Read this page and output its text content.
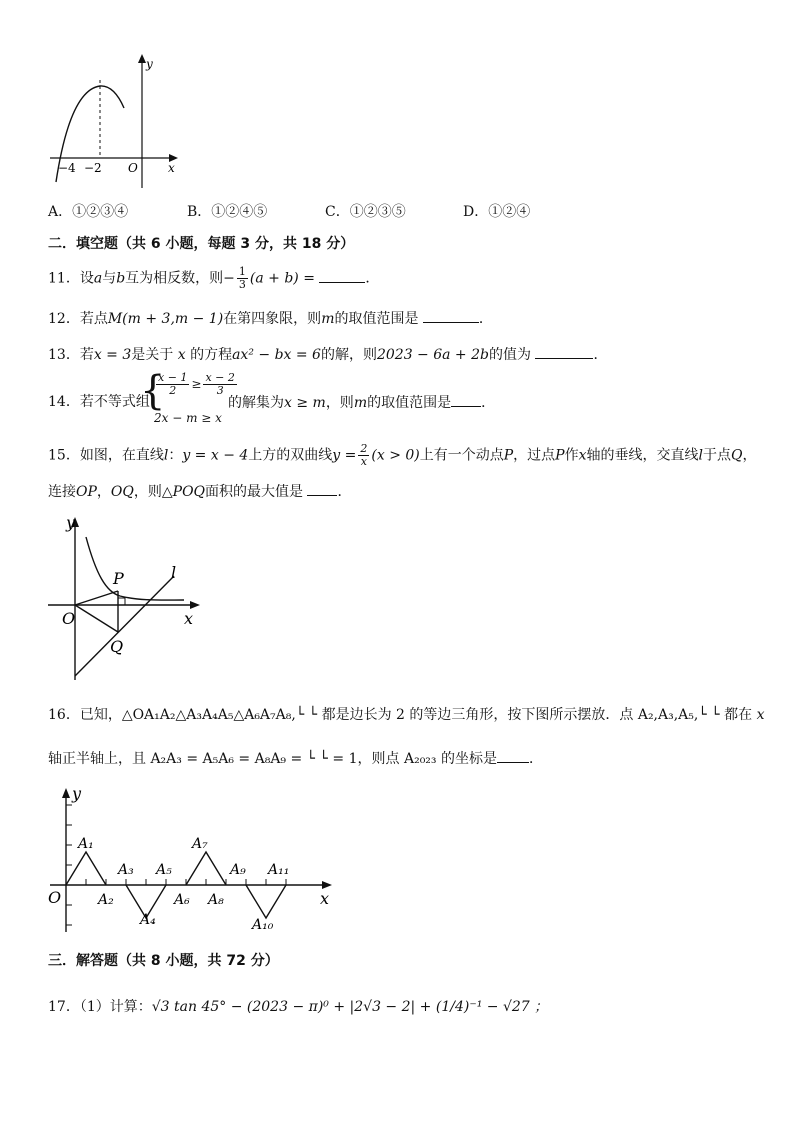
y
x
O
−4 −2
A．①②③④	B．①②④⑤	C．①②③⑤	D．①②④
二．填空题（共 6 小题，每题 3 分，共 18 分）
11．设a与b互为相反数，则− $\frac{1}{3} (a + b)$ =	．
12．若点M(m + 3,m − 1)在第四象限，则m的取值范围是	．
13．若x = 3是关于 x 的方程ax² − bx = 6的解，则2023 − 6a + 2b的值为	．
14．若不等式组
{
$\frac{x - 1}{2} \ge \frac{x - 2}{3}$
2x − m ≥ x
的解集为x ≥ m，则m的取值范围是 ．
15．如图，在直线l：y = x − 4上方的双曲线$y = \frac{2}{x} (x > 0)$上有一个动点P，过点P作x轴的垂线，交直线l于点Q，
连接OP，OQ，则△POQ面积的最大值是 ．
y
x
O
P
Q
l
16．已知，△OA₁A₂△A₃A₄A₅△A₆A₇A₈,└ └ 都是边长为 2 的等边三角形，按下图所示摆放．点 A₂,A₃,A₅,└ └ 都在 x
轴正半轴上，且 A₂A₃ = A₅A₆ = A₈A₉ = └ └ = 1，则点 A₂₀₂₃ 的坐标是 ．
y
x
O
A₁
A₂
A₃
A₄
A₅
A₆
A₇
A₈
A₉
A₁₀
A₁₁
三．解答题（共 8 小题，共 72 分）
17．（1）计算：√3 tan 45° − (2023 − π)⁰ + |2√3 − 2| + (1/4)⁻¹ − √27 ；
